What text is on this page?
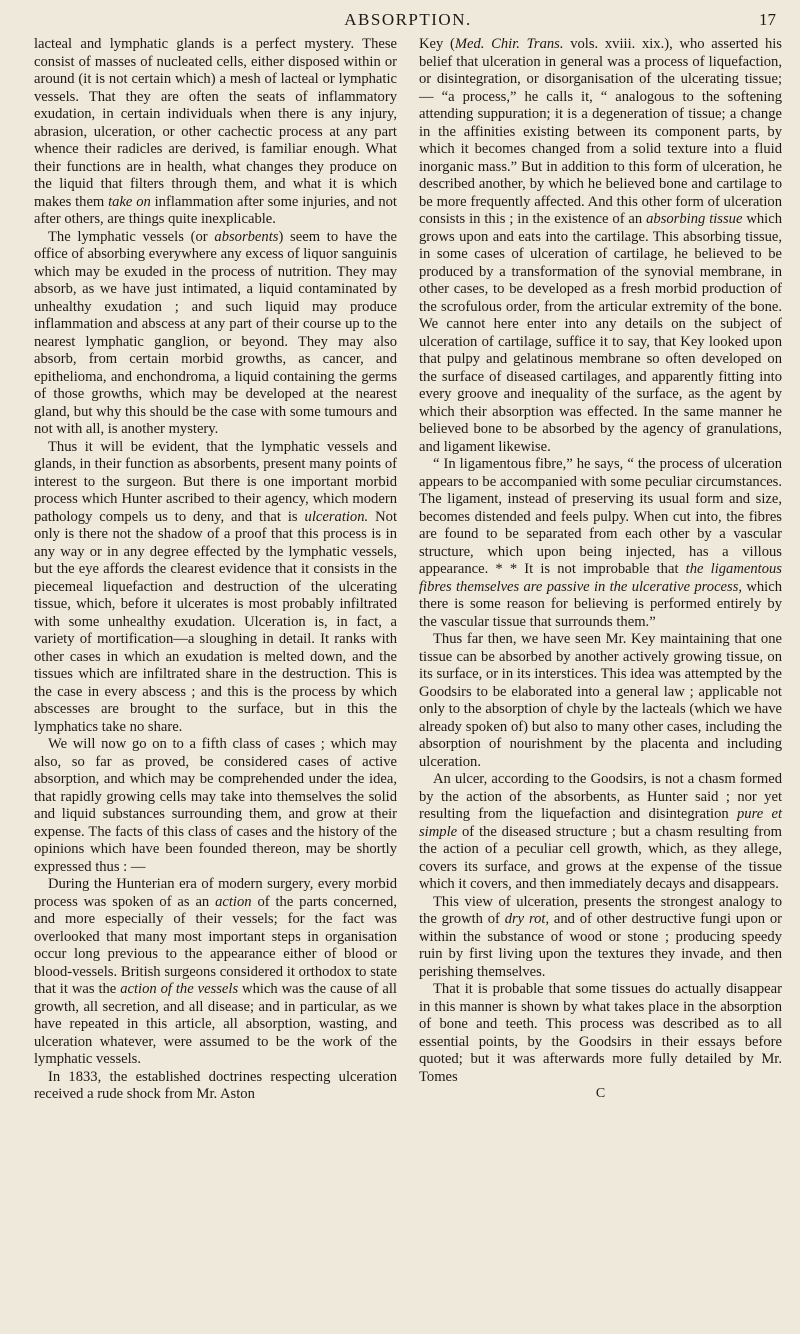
ABSORPTION.	17

lacteal and lymphatic glands is a perfect mystery. These consist of masses of nucleated cells, either disposed within or around (it is not certain which) a mesh of lacteal or lymphatic vessels. That they are often the seats of inflammatory exudation, in certain individuals when there is any injury, abrasion, ulceration, or other cachectic process at any part whence their radicles are derived, is familiar enough. What their functions are in health, what changes they produce on the liquid that filters through them, and what it is which makes them take on inflammation after some injuries, and not after others, are things quite inexplicable.

The lymphatic vessels (or absorbents) seem to have the office of absorbing everywhere any excess of liquor sanguinis which may be exuded in the process of nutrition. They may absorb, as we have just intimated, a liquid contaminated by unhealthy exudation ; and such liquid may produce inflammation and abscess at any part of their course up to the nearest lymphatic ganglion, or beyond. They may also absorb, from certain morbid growths, as cancer, and epithelioma, and enchondroma, a liquid containing the germs of those growths, which may be developed at the nearest gland, but why this should be the case with some tumours and not with all, is another mystery.

Thus it will be evident, that the lymphatic vessels and glands, in their function as absorbents, present many points of interest to the surgeon. But there is one important morbid process which Hunter ascribed to their agency, which modern pathology compels us to deny, and that is ulceration. Not only is there not the shadow of a proof that this process is in any way or in any degree effected by the lymphatic vessels, but the eye affords the clearest evidence that it consists in the piecemeal liquefaction and destruction of the ulcerating tissue, which, before it ulcerates is most probably infiltrated with some unhealthy exudation. Ulceration is, in fact, a variety of mortification—a sloughing in detail. It ranks with other cases in which an exudation is melted down, and the tissues which are infiltrated share in the destruction. This is the case in every abscess ; and this is the process by which abscesses are brought to the surface, but in this the lymphatics take no share.

We will now go on to a fifth class of cases ; which may also, so far as proved, be considered cases of active absorption, and which may be comprehended under the idea, that rapidly growing cells may take into themselves the solid and liquid substances surrounding them, and grow at their expense. The facts of this class of cases and the history of the opinions which have been founded thereon, may be shortly expressed thus : —

During the Hunterian era of modern surgery, every morbid process was spoken of as an action of the parts concerned, and more especially of their vessels; for the fact was overlooked that many most important steps in organisation occur long previous to the appearance either of blood or blood-vessels. British surgeons considered it orthodox to state that it was the action of the vessels which was the cause of all growth, all secretion, and all disease; and in particular, as we have repeated in this article, all absorption, wasting, and ulceration whatever, were assumed to be the work of the lymphatic vessels.

In 1833, the established doctrines respecting ulceration received a rude shock from Mr. Aston

Key (Med. Chir. Trans. vols. xviii. xix.), who asserted his belief that ulceration in general was a process of liquefaction, or disintegration, or disorganisation of the ulcerating tissue; — “a process,” he calls it, “ analogous to the softening attending suppuration; it is a degeneration of tissue; a change in the affinities existing between its component parts, by which it becomes changed from a solid texture into a fluid inorganic mass.” But in addition to this form of ulceration, he described another, by which he believed bone and cartilage to be more frequently affected. And this other form of ulceration consists in this ; in the existence of an absorbing tissue which grows upon and eats into the cartilage. This absorbing tissue, in some cases of ulceration of cartilage, he believed to be produced by a transformation of the synovial membrane, in other cases, to be developed as a fresh morbid production of the scrofulous order, from the articular extremity of the bone. We cannot here enter into any details on the subject of ulceration of cartilage, suffice it to say, that Key looked upon that pulpy and gelatinous membrane so often developed on the surface of diseased cartilages, and apparently fitting into every groove and inequality of the surface, as the agent by which their absorption was effected. In the same manner he believed bone to be absorbed by the agency of granulations, and ligament likewise.

“ In ligamentous fibre,” he says, “ the process of ulceration appears to be accompanied with some peculiar circumstances. The ligament, instead of preserving its usual form and size, becomes distended and feels pulpy. When cut into, the fibres are found to be separated from each other by a vascular structure, which upon being injected, has a villous appearance. * * It is not improbable that the ligamentous fibres themselves are passive in the ulcerative process, which there is some reason for believing is performed entirely by the vascular tissue that surrounds them.”

Thus far then, we have seen Mr. Key maintaining that one tissue can be absorbed by another actively growing tissue, on its surface, or in its interstices. This idea was attempted by the Goodsirs to be elaborated into a general law ; applicable not only to the absorption of chyle by the lacteals (which we have already spoken of) but also to many other cases, including the absorption of nourishment by the placenta and including ulceration.

An ulcer, according to the Goodsirs, is not a chasm formed by the action of the absorbents, as Hunter said ; nor yet resulting from the liquefaction and disintegration pure et simple of the diseased structure ; but a chasm resulting from the action of a peculiar cell growth, which, as they allege, covers its surface, and grows at the expense of the tissue which it covers, and then immediately decays and disappears.

This view of ulceration, presents the strongest analogy to the growth of dry rot, and of other destructive fungi upon or within the substance of wood or stone ; producing speedy ruin by first living upon the textures they invade, and then perishing themselves.

That it is probable that some tissues do actually disappear in this manner is shown by what takes place in the absorption of bone and teeth. This process was described as to all essential points, by the Goodsirs in their essays before quoted; but it was afterwards more fully detailed by Mr. Tomes

C
